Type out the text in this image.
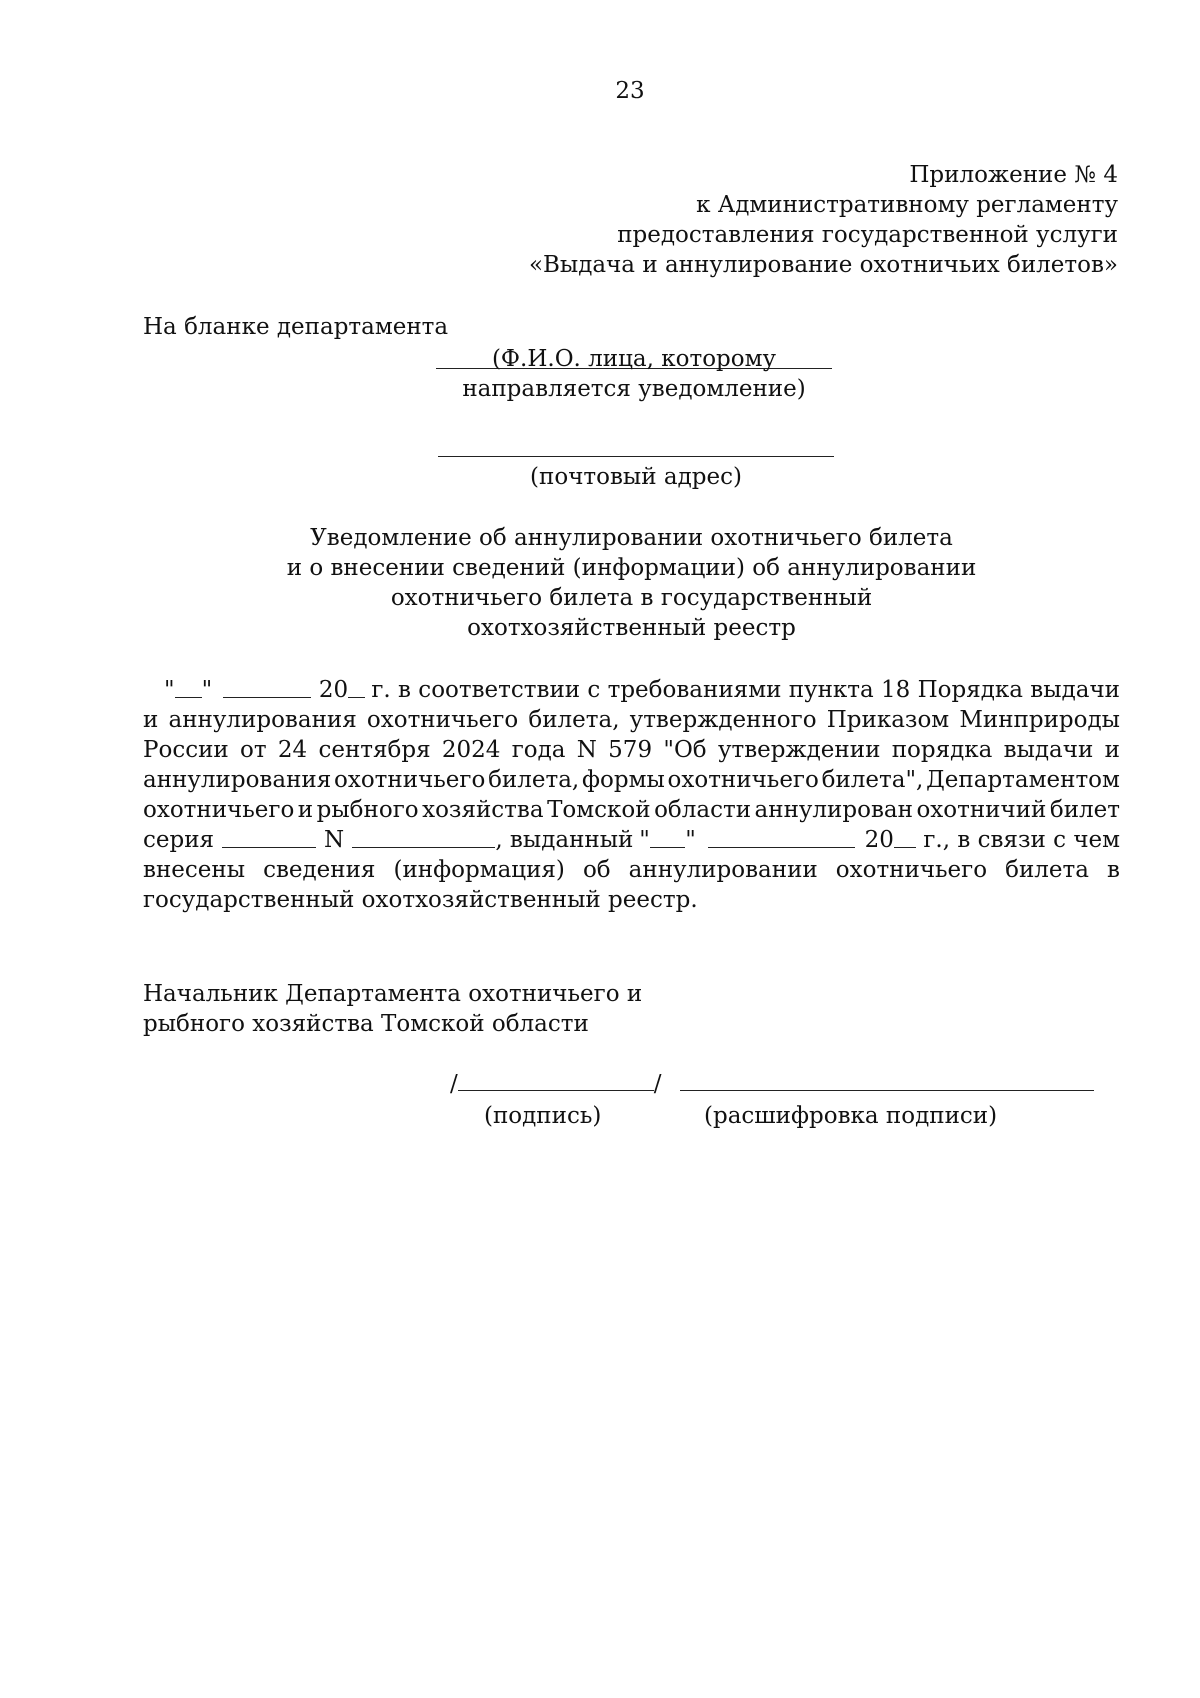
23
Приложение № 4
к Административному регламенту
предоставления государственной услуги
«Выдача и аннулирование охотничьих билетов»
На бланке департамента
(Ф.И.О. лица, которому
направляется уведомление)
(почтовый адрес)
Уведомление об аннулировании охотничьего билета
и о внесении сведений (информации) об аннулировании
охотничьего билета в государственный
охотхозяйственный реестр
" "	20 г. в соответствии с требованиями пункта 18 Порядка выдачи
и аннулирования охотничьего билета, утвержденного Приказом Минприроды
России от 24 сентября 2024 года N 579 "Об утверждении порядка выдачи и
аннулирования охотничьего билета, формы охотничьего билета", Департаментом
охотничьего и рыбного хозяйства Томской области аннулирован охотничий билет
серия	N	, выданный " "	20 г., в связи с чем
внесены сведения (информация) об аннулировании охотничьего билета в
государственный охотхозяйственный реестр.
Начальник Департамента охотничьего и
рыбного хозяйства Томской области
/	/
(подпись)	(расшифровка подписи)
